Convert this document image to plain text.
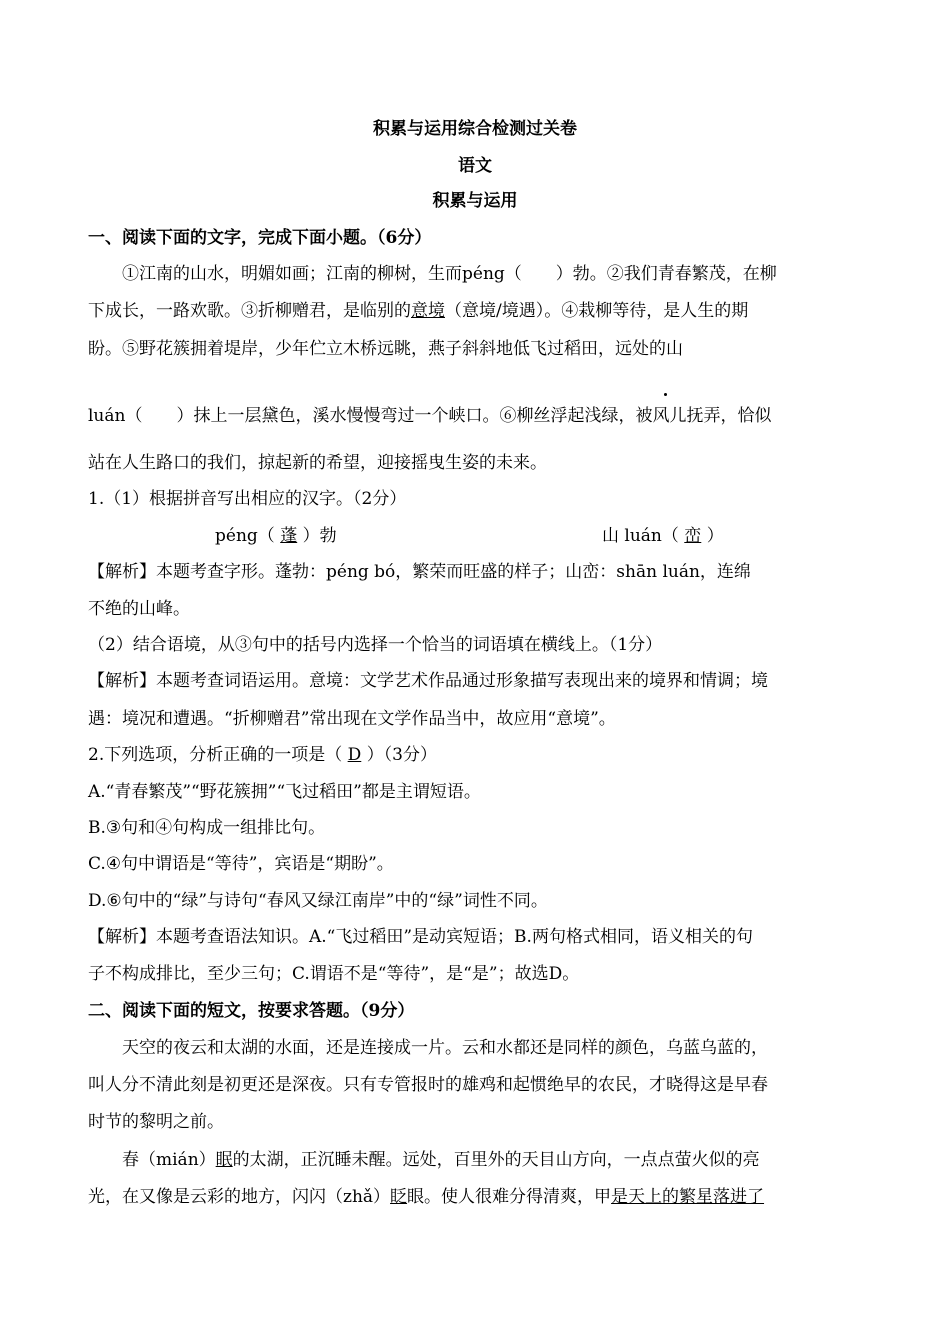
积累与运用综合检测过关卷
语文
积累与运用
一、阅读下面的文字，完成下面小题。（6分）
①江南的山水，明媚如画；江南的柳树，生而péng（　　）勃。②我们青春繁茂，在柳
下成长，一路欢歌。③折柳赠君，是临别的意境（意境/境遇）。④栽柳等待，是人生的期
盼。⑤野花簇拥着堤岸，少年伫立木桥远眺，燕子斜斜地低飞过稻田，远处的山
luán（　　）抹上一层黛色，溪水慢慢弯过一个峡口。⑥柳丝浮起浅绿，被风儿抚弄，恰似
站在人生路口的我们，掠起新的希望，迎接摇曳生姿的未来。
1.（1）根据拼音写出相应的汉字。（2分）
péng（ 蓬 ）勃	山 luán（ 峦 ）
【解析】本题考查字形。蓬勃：péng bó，繁荣而旺盛的样子；山峦：shān luán，连绵
不绝的山峰。
（2）结合语境，从③句中的括号内选择一个恰当的词语填在横线上。（1分）
【解析】本题考查词语运用。意境：文学艺术作品通过形象描写表现出来的境界和情调；境
遇：境况和遭遇。“折柳赠君”常出现在文学作品当中，故应用“意境”。
2.下列选项，分析正确的一项是（ D ）（3分）
A.“青春繁茂”“野花簇拥”“飞过稻田”都是主谓短语。
B.③句和④句构成一组排比句。
C.④句中谓语是“等待”，宾语是“期盼”。
D.⑥句中的“绿”与诗句“春风又绿江南岸”中的“绿”词性不同。
【解析】本题考查语法知识。A.“飞过稻田”是动宾短语；B.两句格式相同，语义相关的句
子不构成排比，至少三句；C.谓语不是“等待”，是“是”；故选D。
二、阅读下面的短文，按要求答题。（9分）
天空的夜云和太湖的水面，还是连接成一片。云和水都还是同样的颜色，乌蓝乌蓝的，
叫人分不清此刻是初更还是深夜。只有专管报时的雄鸡和起惯绝早的农民，才晓得这是早春
时节的黎明之前。
春（mián）眠的太湖，正沉睡未醒。远处，百里外的天目山方向，一点点萤火似的亮
光，在又像是云彩的地方，闪闪（zhǎ）眨眼。使人很难分得清爽，甲是天上的繁星落进了
